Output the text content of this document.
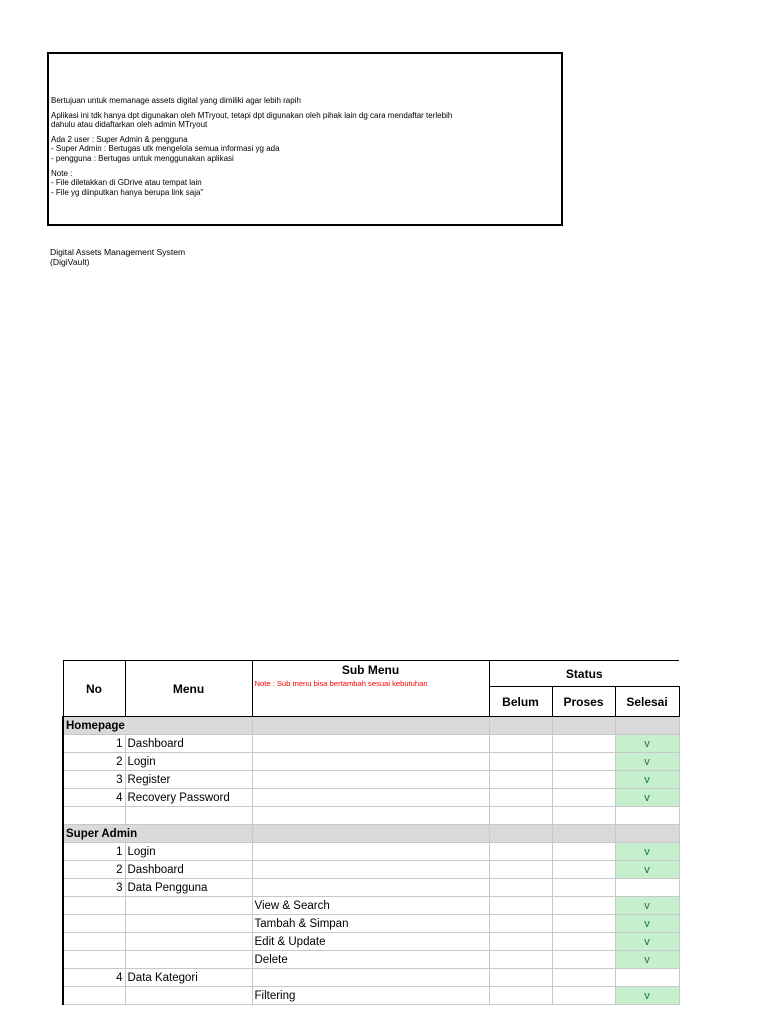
Bertujuan untuk memanage assets digital yang dimiliki agar lebih rapih

Aplikasi ini tdk hanya dpt digunakan oleh MTryout, tetapi dpt digunakan oleh pihak lain dg cara mendaftar terlebih
dahulu atau didaftarkan oleh admin MTryout

Ada 2 user : Super Admin & pengguna
- Super Admin : Bertugas utk mengelola semua informasi yg ada
- pengguna : Bertugas untuk menggunakan aplikasi

Note :
- File diletakkan di GDrive atau tempat lain
- File yg diinputkan hanya berupa link saja"

Digital Assets Management System
(DigiVault)
No	Menu	Sub Menu
Note : Sub menu bisa bertambah sesuai kebutuhan	Status		
			Belum	Proses	Selesai
Homepage					
1	Dashboard				v
2	Login				v
3	Register				v
4	Recovery Password				v

Super Admin					
1	Login				v
2	Dashboard				v
3	Data Pengguna				
		View & Search			v
		Tambah & Simpan			v
		Edit & Update			v
		Delete			v
4	Data Kategori				
		Filtering			v
